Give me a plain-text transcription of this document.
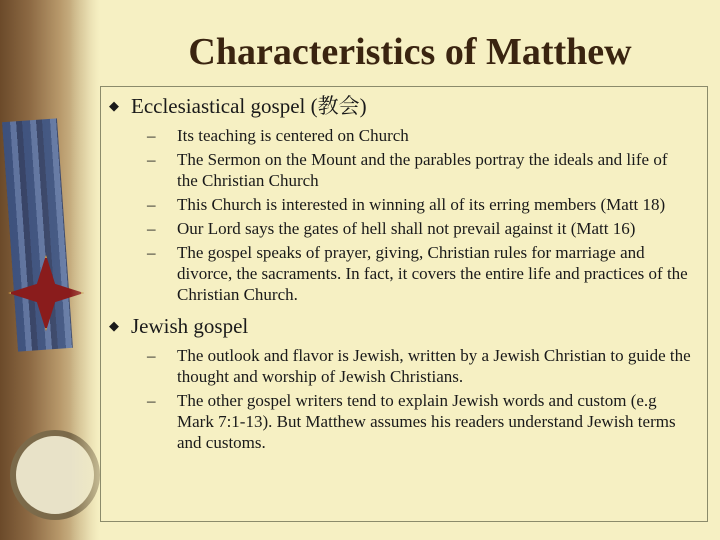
Characteristics of Matthew
◆ Ecclesiastical gospel (教会)
–	Its teaching is centered on Church
–	The Sermon on the Mount and the parables portray the ideals and life of the Christian Church
–	This Church is interested in winning all of its erring members (Matt 18)
–	Our Lord says the gates of hell shall not prevail against it (Matt 16)
–	The gospel speaks of prayer, giving, Christian rules for marriage and divorce, the sacraments. In fact, it covers the entire life and practices of the Christian Church.
◆ Jewish gospel
–	The outlook and flavor is Jewish, written by a Jewish Christian to guide the thought and worship of Jewish Christians.
–	The other gospel writers tend to explain Jewish words and custom (e.g Mark 7:1-13). But Matthew assumes his readers understand Jewish terms and customs.
